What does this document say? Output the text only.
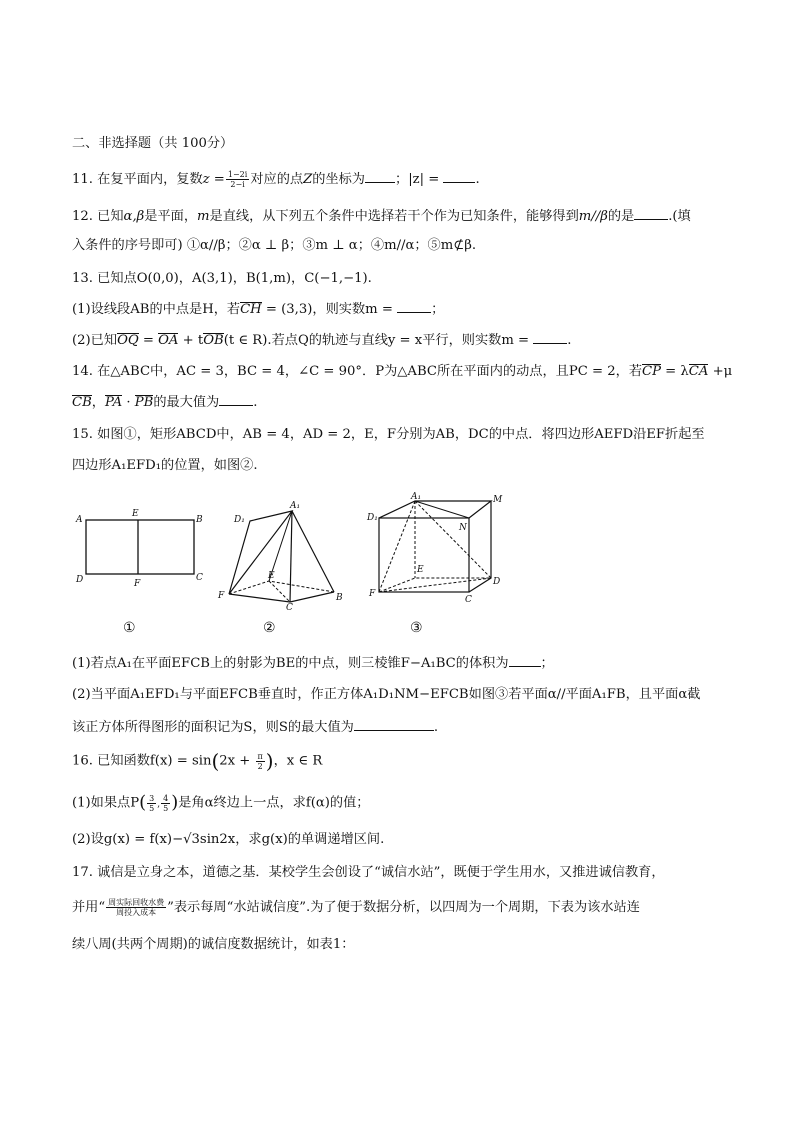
二、非选择题（共 100分）
11. 在复平面内，复数$z = \frac{1-2i}{2-i}$ 对应的点Z的坐标为 ；|z| =	.
12. 已知α,β是平面，m是直线，从下列五个条件中选择若干个作为已知条件，能够得到m//β的是	.(填
入条件的序号即可) ①α//β；②α ⊥ β；③m ⊥ α；④m//α；⑤m⊄β.
13. 已知点O(0,0)，A(3,1)，B(1,m)，C(−1,−1).
(1)设线段AB的中点是H，若CH = (3,3)，则实数m =	；
(2)已知OQ = OA + tOB(t ∈ R).若点Q的轨迹与直线y = x平行，则实数m =	.
14. 在△ABC中，AC = 3，BC = 4，∠C = 90°．P为△ABC所在平面内的动点，且PC = 2，若CP = λCA +μ
CB，PA · PB的最大值为	.
15. 如图①，矩形ABCD中，AB = 4，AD = 2，E，F分别为AB，DC的中点．将四边形AEFD沿EF折起至
四边形A₁EFD₁的位置，如图②.
A
E
B
D	F
C
D₁
A₁
E
F	B
C
A₁	M
D₁
N
E
F
D
C
①	②	③
(1)若点A₁在平面EFCB上的射影为BE的中点，则三棱锥F−A₁BC的体积为 ；
(2)当平面A₁EFD₁与平面EFCB垂直时，作正方体A₁D₁NM−EFCB如图③若平面α//平面A₁FB，且平面α截
该正方体所得图形的面积记为S，则S的最大值为	.
16. 已知函数$f(x) = \sin(2x + \frac{\pi}{2}$ )，x ∈ R
(1)如果点$P( \frac{3}{5}$ , $\frac{4}{5}$ )是角α终边上一点，求f(α)的值；
(2)设g(x) = f(x)−√3sin2x，求g(x)的单调递增区间.
17. 诚信是立身之本，道德之基．某校学生会创设了“诚信水站”，既便于学生用水，又推进诚信教育，
并用“ $\frac{\text{周实际回收水费}}{\text{周投入成本}}$ ”表示每周“水站诚信度”.为了便于数据分析，以四周为一个周期，下表为该水站连
续八周(共两个周期)的诚信度数据统计，如表1：
